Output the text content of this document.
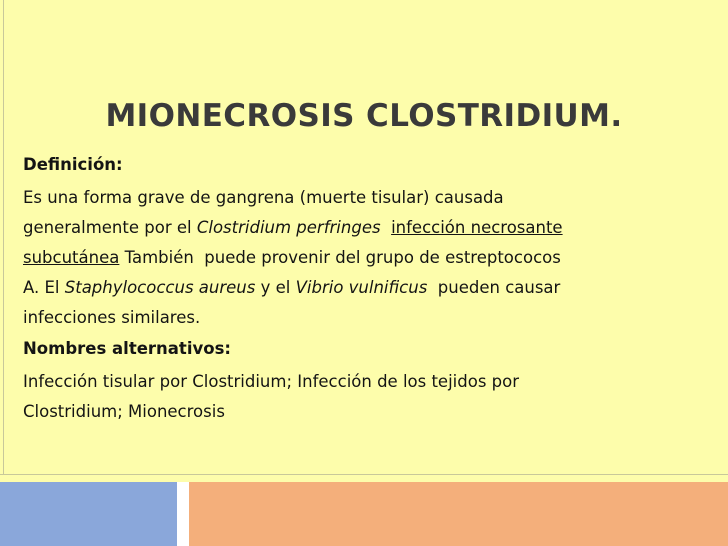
MIONECROSIS CLOSTRIDIUM.

Definición:

Es una forma grave de gangrena (muerte tisular) causada
generalmente por el Clostridium perfringes infección necrosante
subcutánea También  puede provenir del grupo de estreptococos
A. El Staphylococcus aureus y el Vibrio vulnificus  pueden causar
infecciones similares.

Nombres alternativos:

Infección tisular por Clostridium; Infección de los tejidos por
Clostridium; Mionecrosis
